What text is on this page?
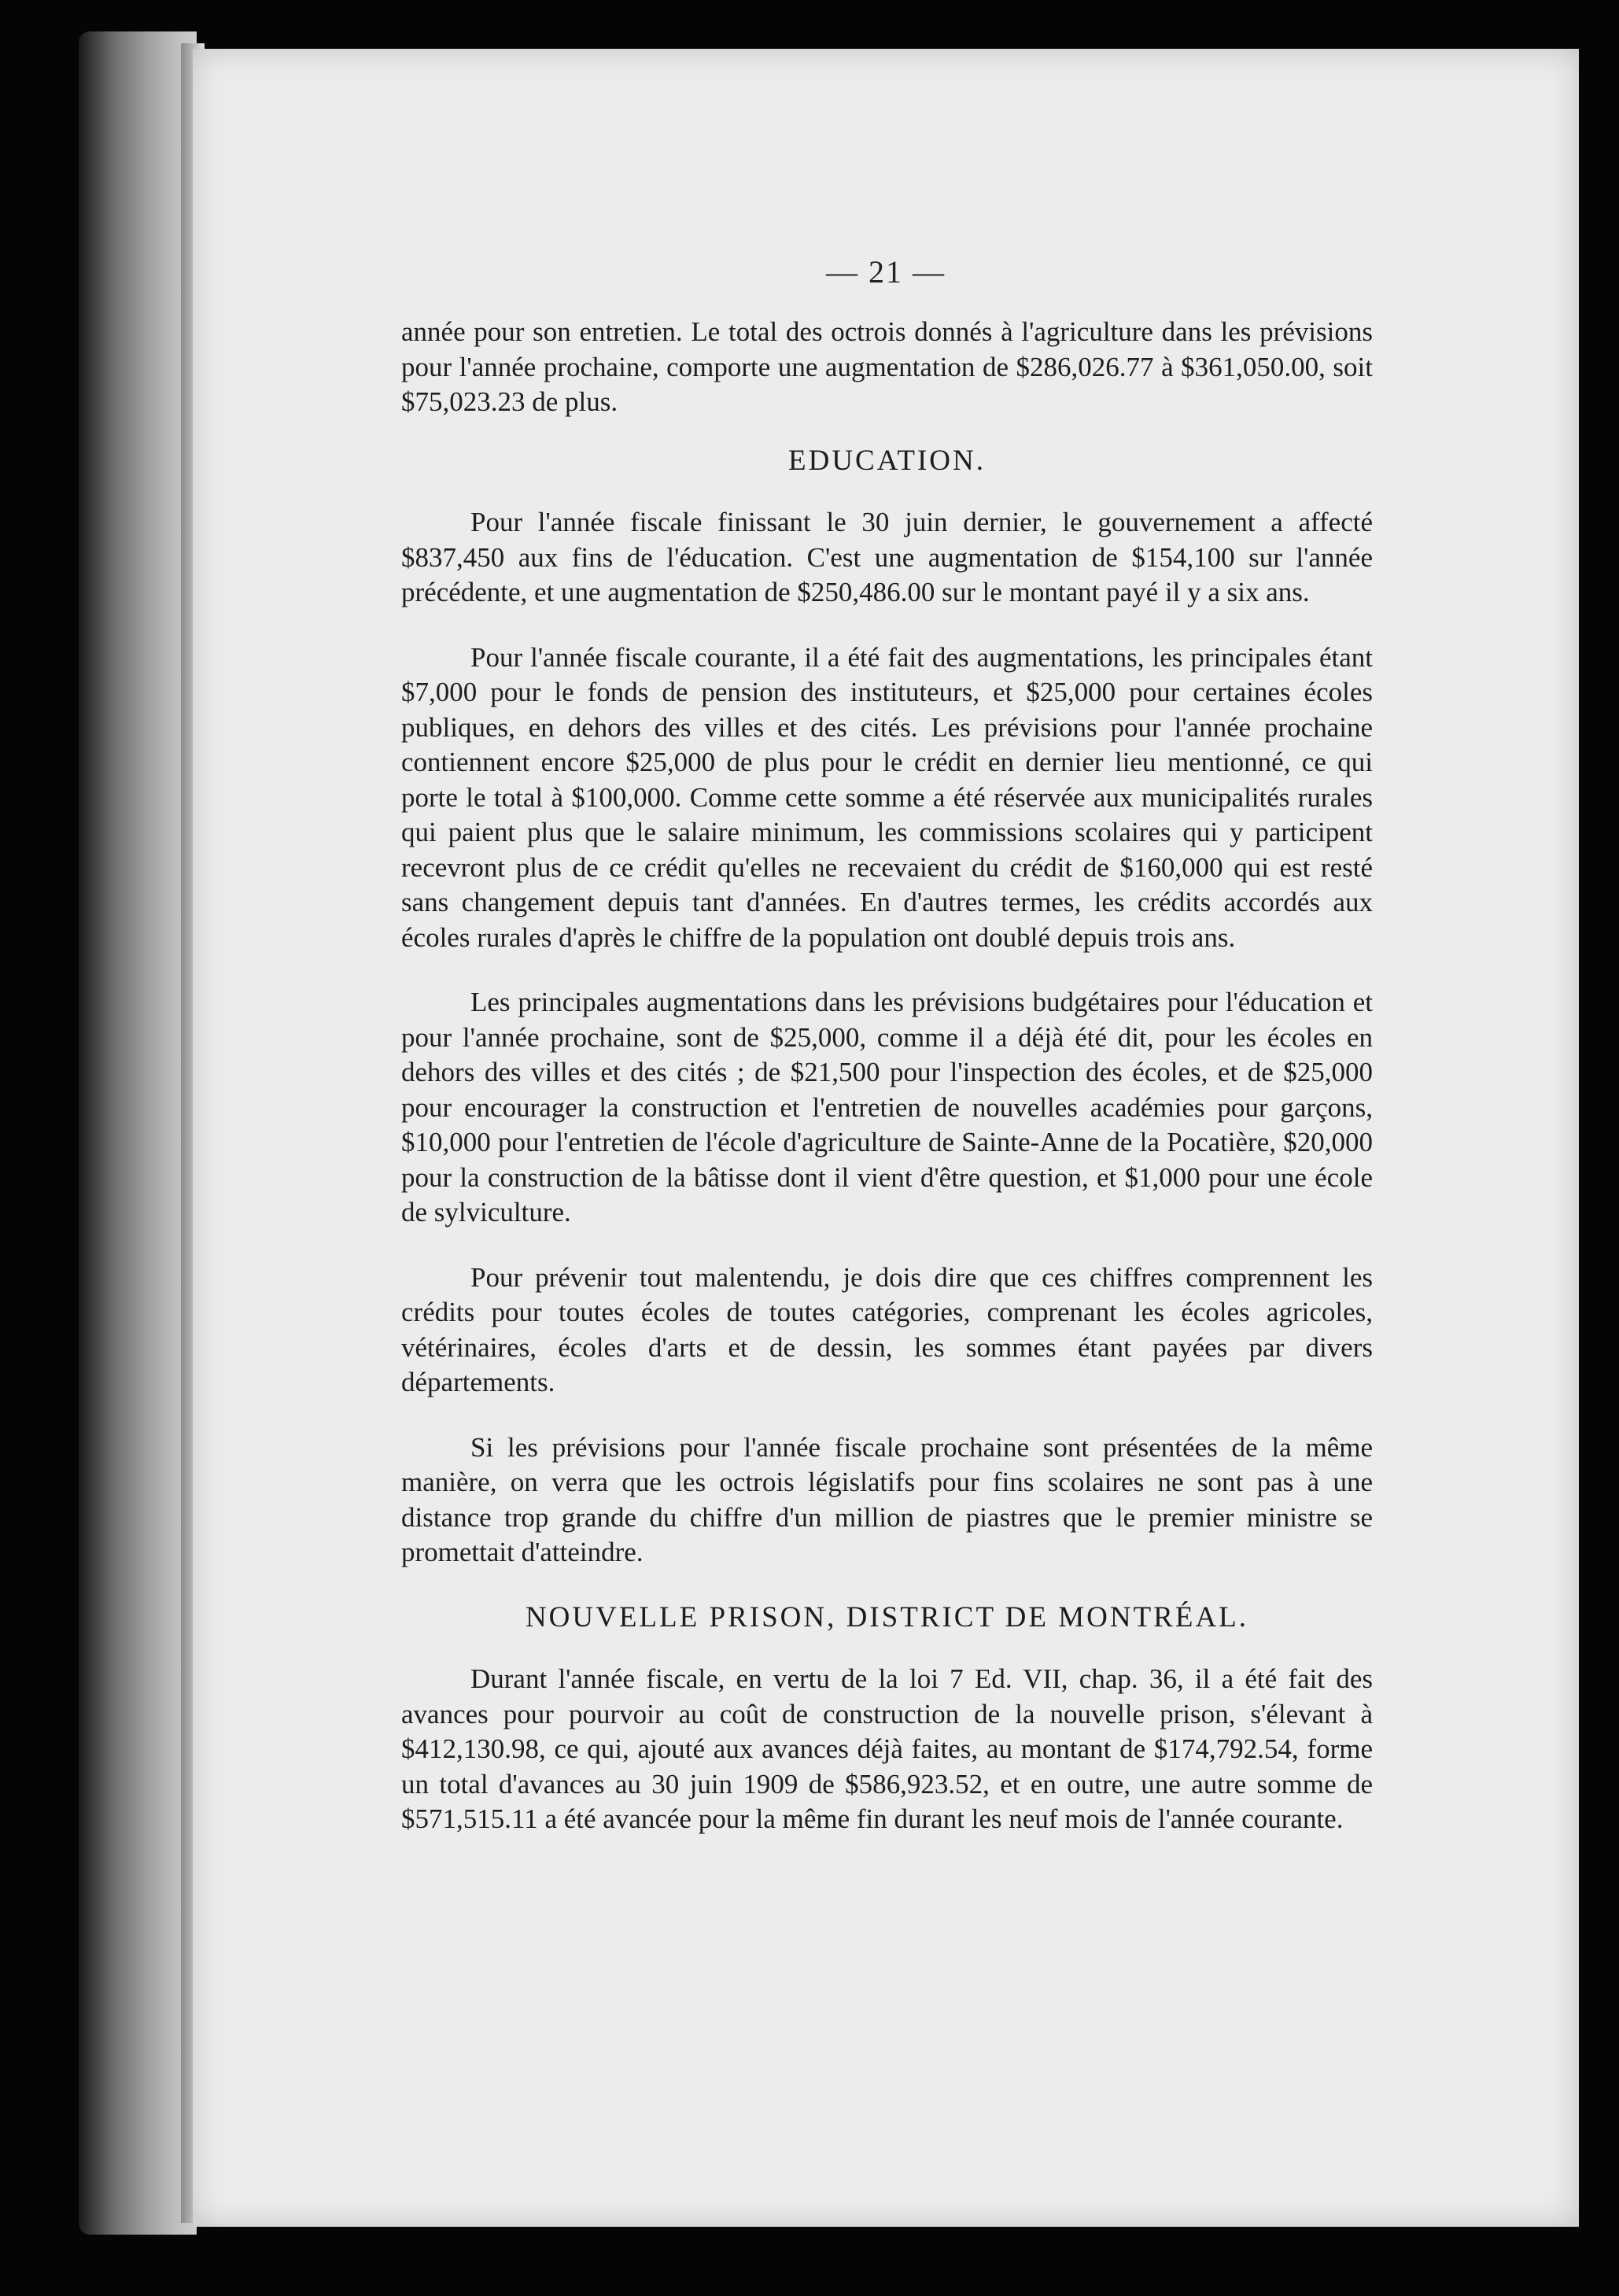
— 21 —

année pour son entretien. Le total des octrois donnés à l'agriculture dans les prévisions pour l'année prochaine, comporte une augmentation de $286,026.77 à $361,050.00, soit $75,023.23 de plus.

EDUCATION.

Pour l'année fiscale finissant le 30 juin dernier, le gouvernement a affecté $837,450 aux fins de l'éducation. C'est une augmentation de $154,100 sur l'année précédente, et une augmentation de $250,486.00 sur le montant payé il y a six ans.

Pour l'année fiscale courante, il a été fait des augmentations, les principales étant $7,000 pour le fonds de pension des instituteurs, et $25,000 pour certaines écoles publiques, en dehors des villes et des cités. Les prévisions pour l'année prochaine contiennent encore $25,000 de plus pour le crédit en dernier lieu mentionné, ce qui porte le total à $100,000. Comme cette somme a été réservée aux municipalités rurales qui paient plus que le salaire minimum, les commissions scolaires qui y participent recevront plus de ce crédit qu'elles ne recevaient du crédit de $160,000 qui est resté sans changement depuis tant d'années. En d'autres termes, les crédits accordés aux écoles rurales d'après le chiffre de la population ont doublé depuis trois ans.

Les principales augmentations dans les prévisions budgétaires pour l'éducation et pour l'année prochaine, sont de $25,000, comme il a déjà été dit, pour les écoles en dehors des villes et des cités ; de $21,500 pour l'inspection des écoles, et de $25,000 pour encourager la construction et l'entretien de nouvelles académies pour garçons, $10,000 pour l'entretien de l'école d'agriculture de Sainte-Anne de la Pocatière, $20,000 pour la construction de la bâtisse dont il vient d'être question, et $1,000 pour une école de sylviculture.

Pour prévenir tout malentendu, je dois dire que ces chiffres comprennent les crédits pour toutes écoles de toutes catégories, comprenant les écoles agricoles, vétérinaires, écoles d'arts et de dessin, les sommes étant payées par divers départements.

Si les prévisions pour l'année fiscale prochaine sont présentées de la même manière, on verra que les octrois législatifs pour fins scolaires ne sont pas à une distance trop grande du chiffre d'un million de piastres que le premier ministre se promettait d'atteindre.

NOUVELLE PRISON, DISTRICT DE MONTRÉAL.

Durant l'année fiscale, en vertu de la loi 7 Ed. VII, chap. 36, il a été fait des avances pour pourvoir au coût de construction de la nouvelle prison, s'élevant à $412,130.98, ce qui, ajouté aux avances déjà faites, au montant de $174,792.54, forme un total d'avances au 30 juin 1909 de $586,923.52, et en outre, une autre somme de $571,515.11 a été avancée pour la même fin durant les neuf mois de l'année courante.
